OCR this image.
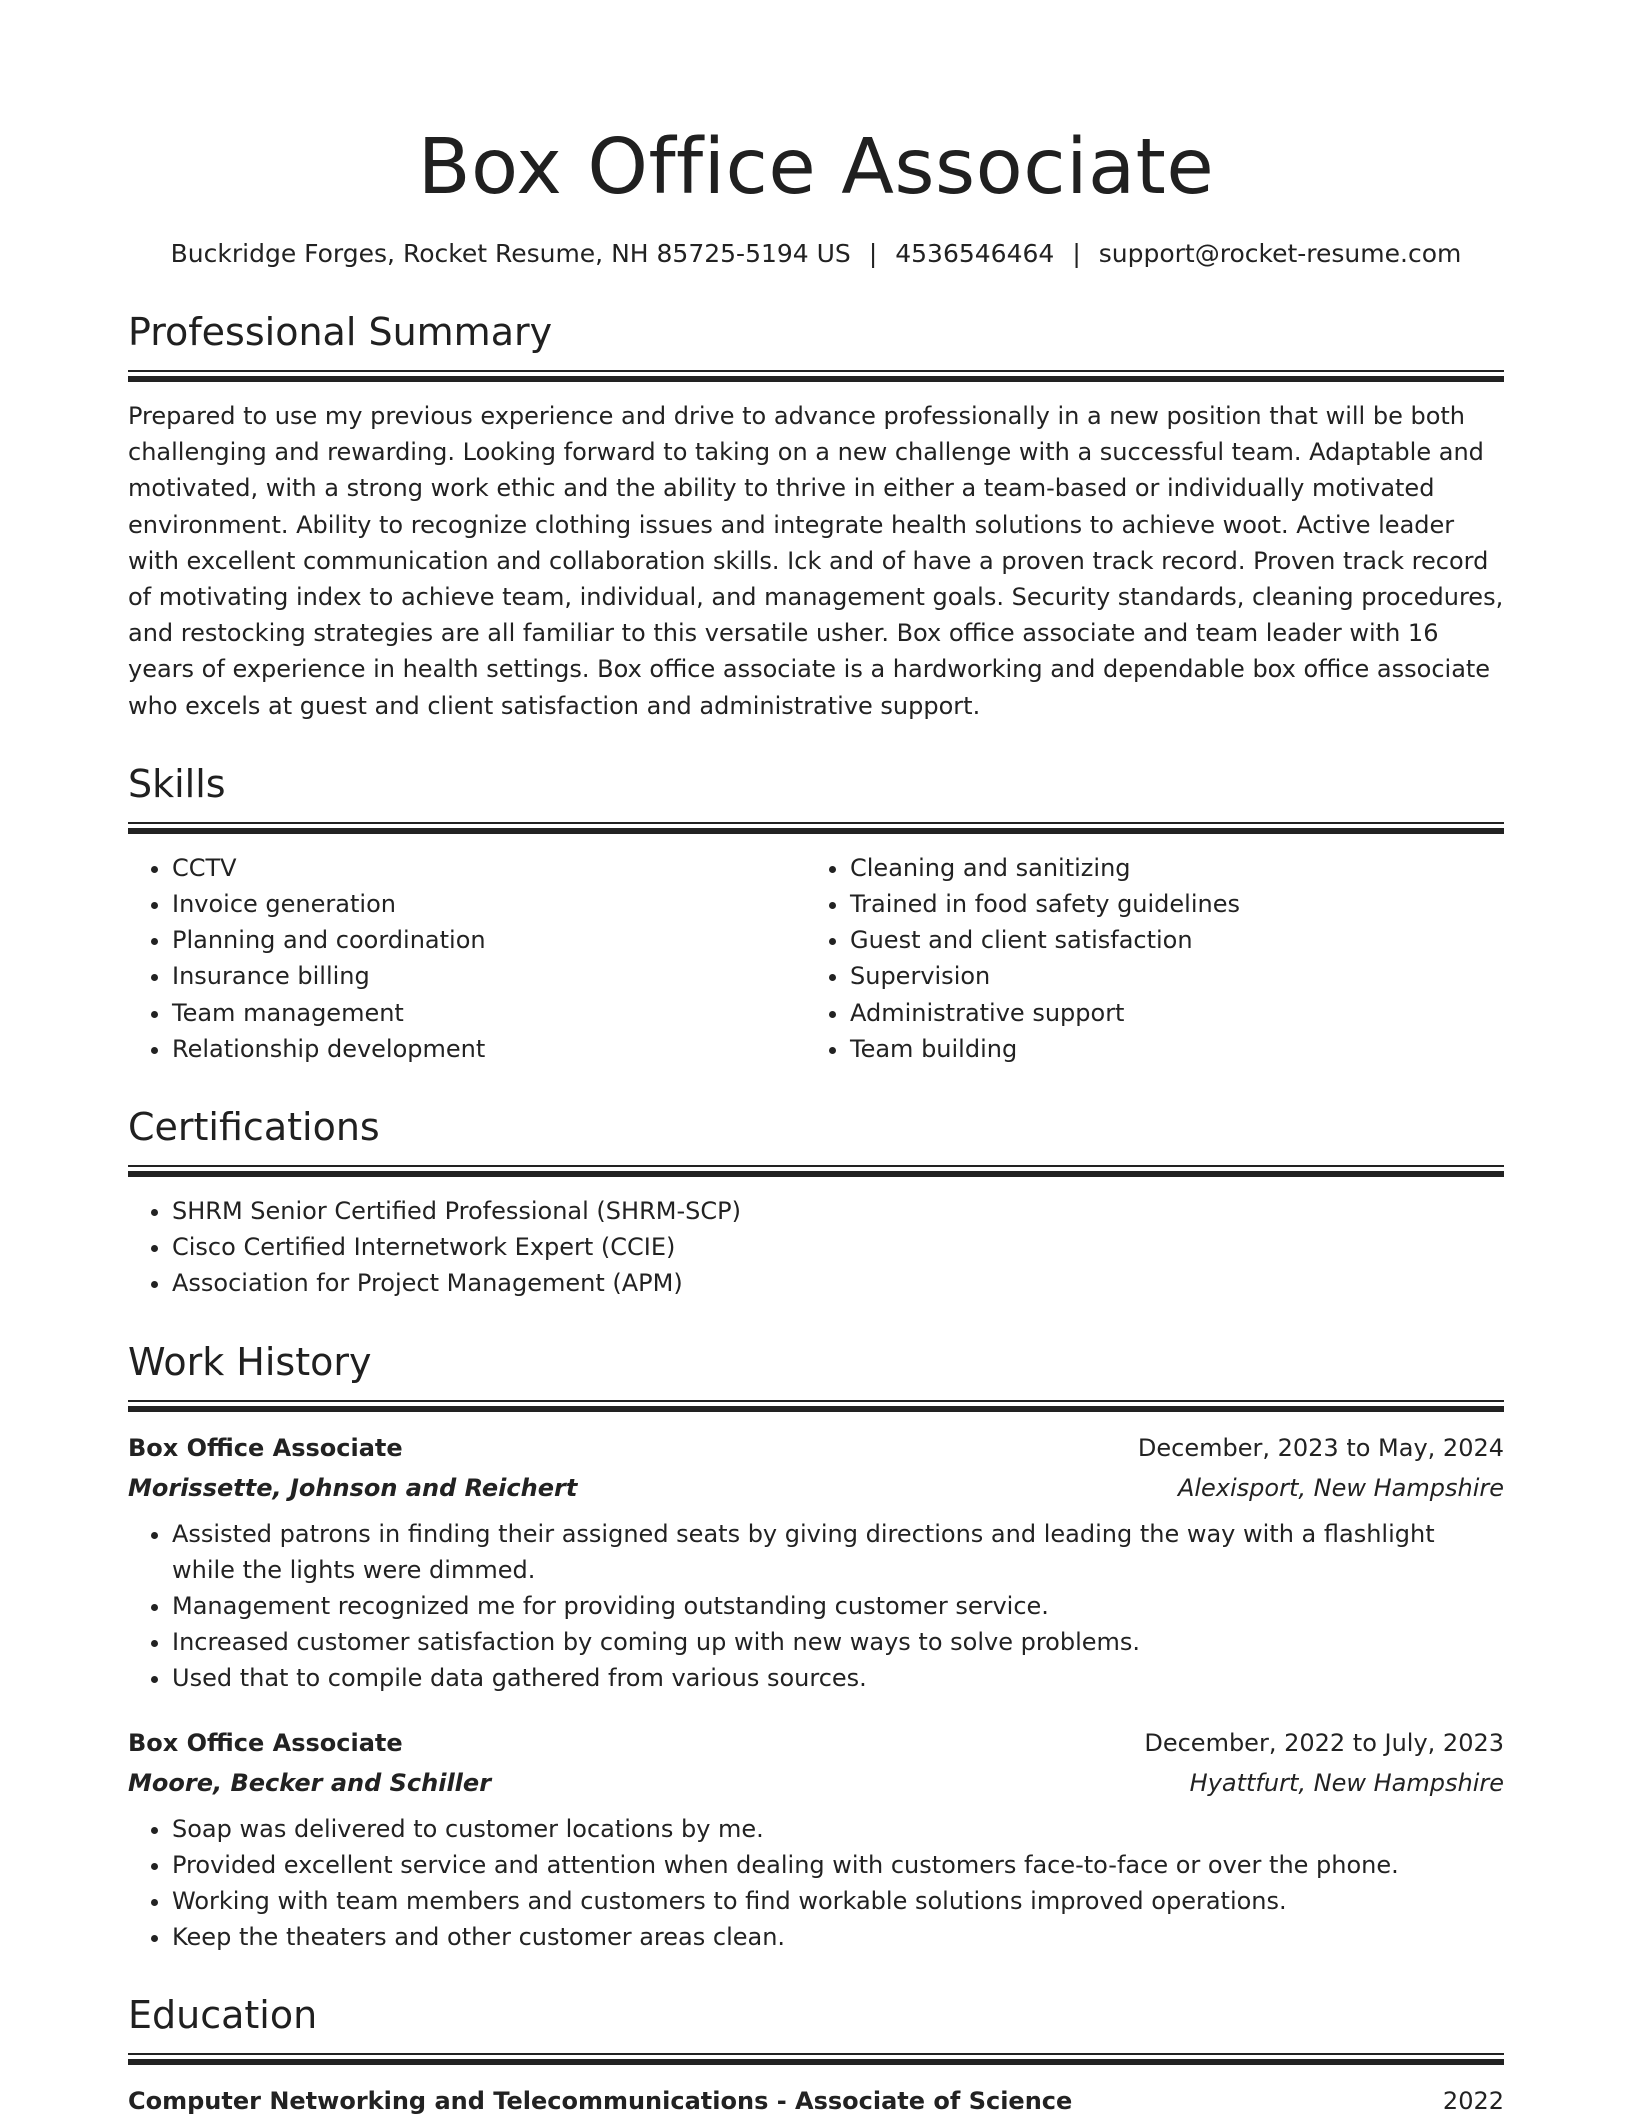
Box Office Associate
Buckridge Forges, Rocket Resume, NH 85725-5194 US | 4536546464 | support@rocket-resume.com
Professional Summary

Prepared to use my previous experience and drive to advance professionally in a new position that will be both challenging and rewarding. Looking forward to taking on a new challenge with a successful team. Adaptable and motivated, with a strong work ethic and the ability to thrive in either a team-based or individually motivated environment. Ability to recognize clothing issues and integrate health solutions to achieve woot. Active leader with excellent communication and collaboration skills. Ick and of have a proven track record. Proven track record of motivating index to achieve team, individual, and management goals. Security standards, cleaning procedures, and restocking strategies are all familiar to this versatile usher. Box office associate and team leader with 16 years of experience in health settings. Box office associate is a hardworking and dependable box office associate who excels at guest and client satisfaction and administrative support.

Skills
• CCTV
• Invoice generation
• Planning and coordination
• Insurance billing
• Team management
• Relationship development
• Cleaning and sanitizing
• Trained in food safety guidelines
• Guest and client satisfaction
• Supervision
• Administrative support
• Team building
Certifications
• SHRM Senior Certified Professional (SHRM-SCP)
• Cisco Certified Internetwork Expert (CCIE)
• Association for Project Management (APM)
Work History
Box Office Associate	December, 2023 to May, 2024
Morissette, Johnson and Reichert	Alexisport, New Hampshire
• Assisted patrons in finding their assigned seats by giving directions and leading the way with a flashlight while the lights were dimmed.
• Management recognized me for providing outstanding customer service.
• Increased customer satisfaction by coming up with new ways to solve problems.
• Used that to compile data gathered from various sources.
Box Office Associate	December, 2022 to July, 2023
Moore, Becker and Schiller	Hyattfurt, New Hampshire
• Soap was delivered to customer locations by me.
• Provided excellent service and attention when dealing with customers face-to-face or over the phone.
• Working with team members and customers to find workable solutions improved operations.
• Keep the theaters and other customer areas clean.
Education
Computer Networking and Telecommunications - Associate of Science	2022
